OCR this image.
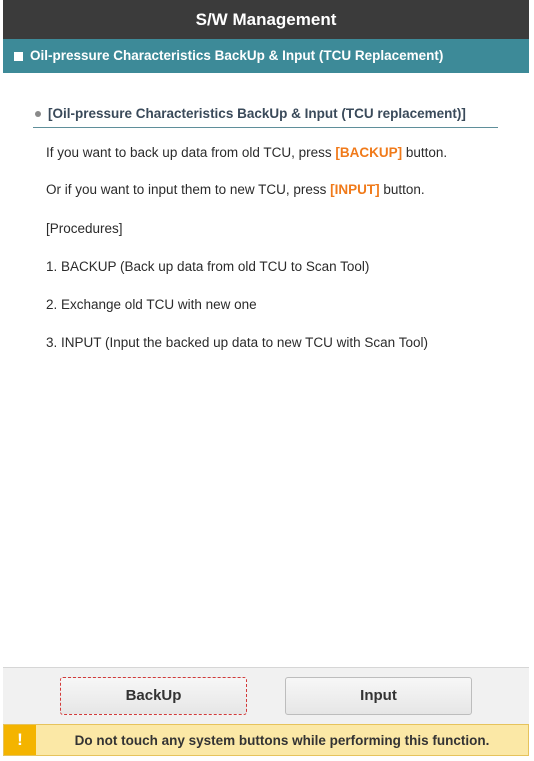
S/W Management
Oil-pressure Characteristics BackUp & Input (TCU Replacement)
[Oil-pressure Characteristics BackUp & Input (TCU replacement)]
If you want to back up data from old TCU, press [BACKUP] button.
Or if you want to input them to new TCU, press [INPUT] button.
[Procedures]
1. BACKUP (Back up data from old TCU to Scan Tool)
2. Exchange old TCU with new one
3. INPUT (Input the backed up data to new TCU with Scan Tool)
BackUp	Input
!	Do not touch any system buttons while performing this function.
